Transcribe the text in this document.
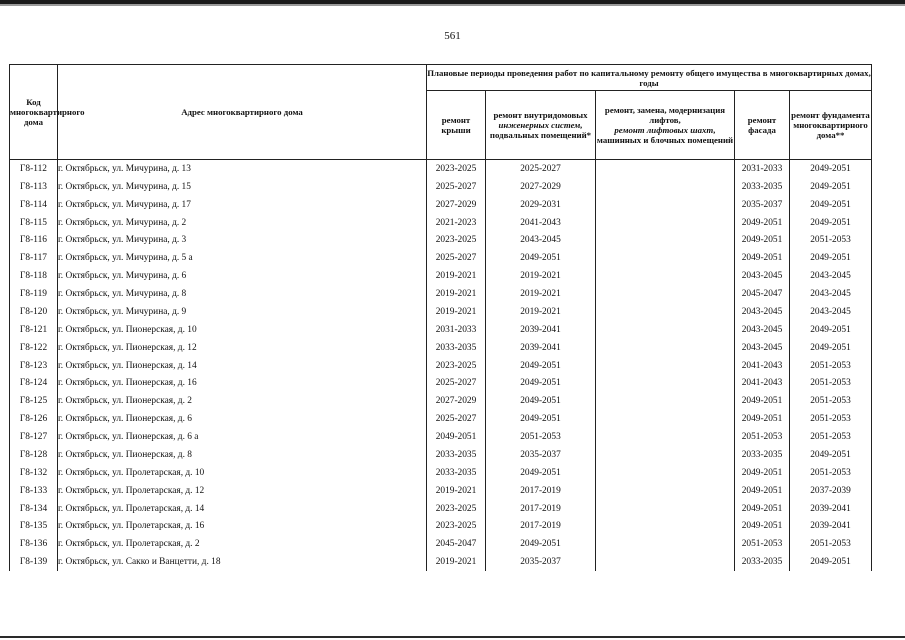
561
Код многоквартирного дома	Адрес многоквартирного дома	Плановые периоды проведения работ по капитальному ремонту общего имущества в многоквартирных домах, годы				
		ремонт крыши	ремонт внутридомовых
инженерных систем,
подвальных помещений*	ремонт, замена, модернизация лифтов,
ремонт лифтовых шахт,
машинных и блочных помещений	ремонт фасада	ремонт фундамента многоквартирного дома**
Г8-112	г. Октябрьск, ул. Мичурина, д. 13	2023-2025	2025-2027		2031-2033	2049-2051
Г8-113	г. Октябрьск, ул. Мичурина, д. 15	2025-2027	2027-2029		2033-2035	2049-2051
Г8-114	г. Октябрьск, ул. Мичурина, д. 17	2027-2029	2029-2031		2035-2037	2049-2051
Г8-115	г. Октябрьск, ул. Мичурина, д. 2	2021-2023	2041-2043		2049-2051	2049-2051
Г8-116	г. Октябрьск, ул. Мичурина, д. 3	2023-2025	2043-2045		2049-2051	2051-2053
Г8-117	г. Октябрьск, ул. Мичурина, д. 5 а	2025-2027	2049-2051		2049-2051	2049-2051
Г8-118	г. Октябрьск, ул. Мичурина, д. 6	2019-2021	2019-2021		2043-2045	2043-2045
Г8-119	г. Октябрьск, ул. Мичурина, д. 8	2019-2021	2019-2021		2045-2047	2043-2045
Г8-120	г. Октябрьск, ул. Мичурина, д. 9	2019-2021	2019-2021		2043-2045	2043-2045
Г8-121	г. Октябрьск, ул. Пионерская, д. 10	2031-2033	2039-2041		2043-2045	2049-2051
Г8-122	г. Октябрьск, ул. Пионерская, д. 12	2033-2035	2039-2041		2043-2045	2049-2051
Г8-123	г. Октябрьск, ул. Пионерская, д. 14	2023-2025	2049-2051		2041-2043	2051-2053
Г8-124	г. Октябрьск, ул. Пионерская, д. 16	2025-2027	2049-2051		2041-2043	2051-2053
Г8-125	г. Октябрьск, ул. Пионерская, д. 2	2027-2029	2049-2051		2049-2051	2051-2053
Г8-126	г. Октябрьск, ул. Пионерская, д. 6	2025-2027	2049-2051		2049-2051	2051-2053
Г8-127	г. Октябрьск, ул. Пионерская, д. 6 а	2049-2051	2051-2053		2051-2053	2051-2053
Г8-128	г. Октябрьск, ул. Пионерская, д. 8	2033-2035	2035-2037		2033-2035	2049-2051
Г8-132	г. Октябрьск, ул. Пролетарская, д. 10	2033-2035	2049-2051		2049-2051	2051-2053
Г8-133	г. Октябрьск, ул. Пролетарская, д. 12	2019-2021	2017-2019		2049-2051	2037-2039
Г8-134	г. Октябрьск, ул. Пролетарская, д. 14	2023-2025	2017-2019		2049-2051	2039-2041
Г8-135	г. Октябрьск, ул. Пролетарская, д. 16	2023-2025	2017-2019		2049-2051	2039-2041
Г8-136	г. Октябрьск, ул. Пролетарская, д. 2	2045-2047	2049-2051		2051-2053	2051-2053
Г8-139	г. Октябрьск, ул. Сакко и Ванцетти, д. 18	2019-2021	2035-2037		2033-2035	2049-2051
